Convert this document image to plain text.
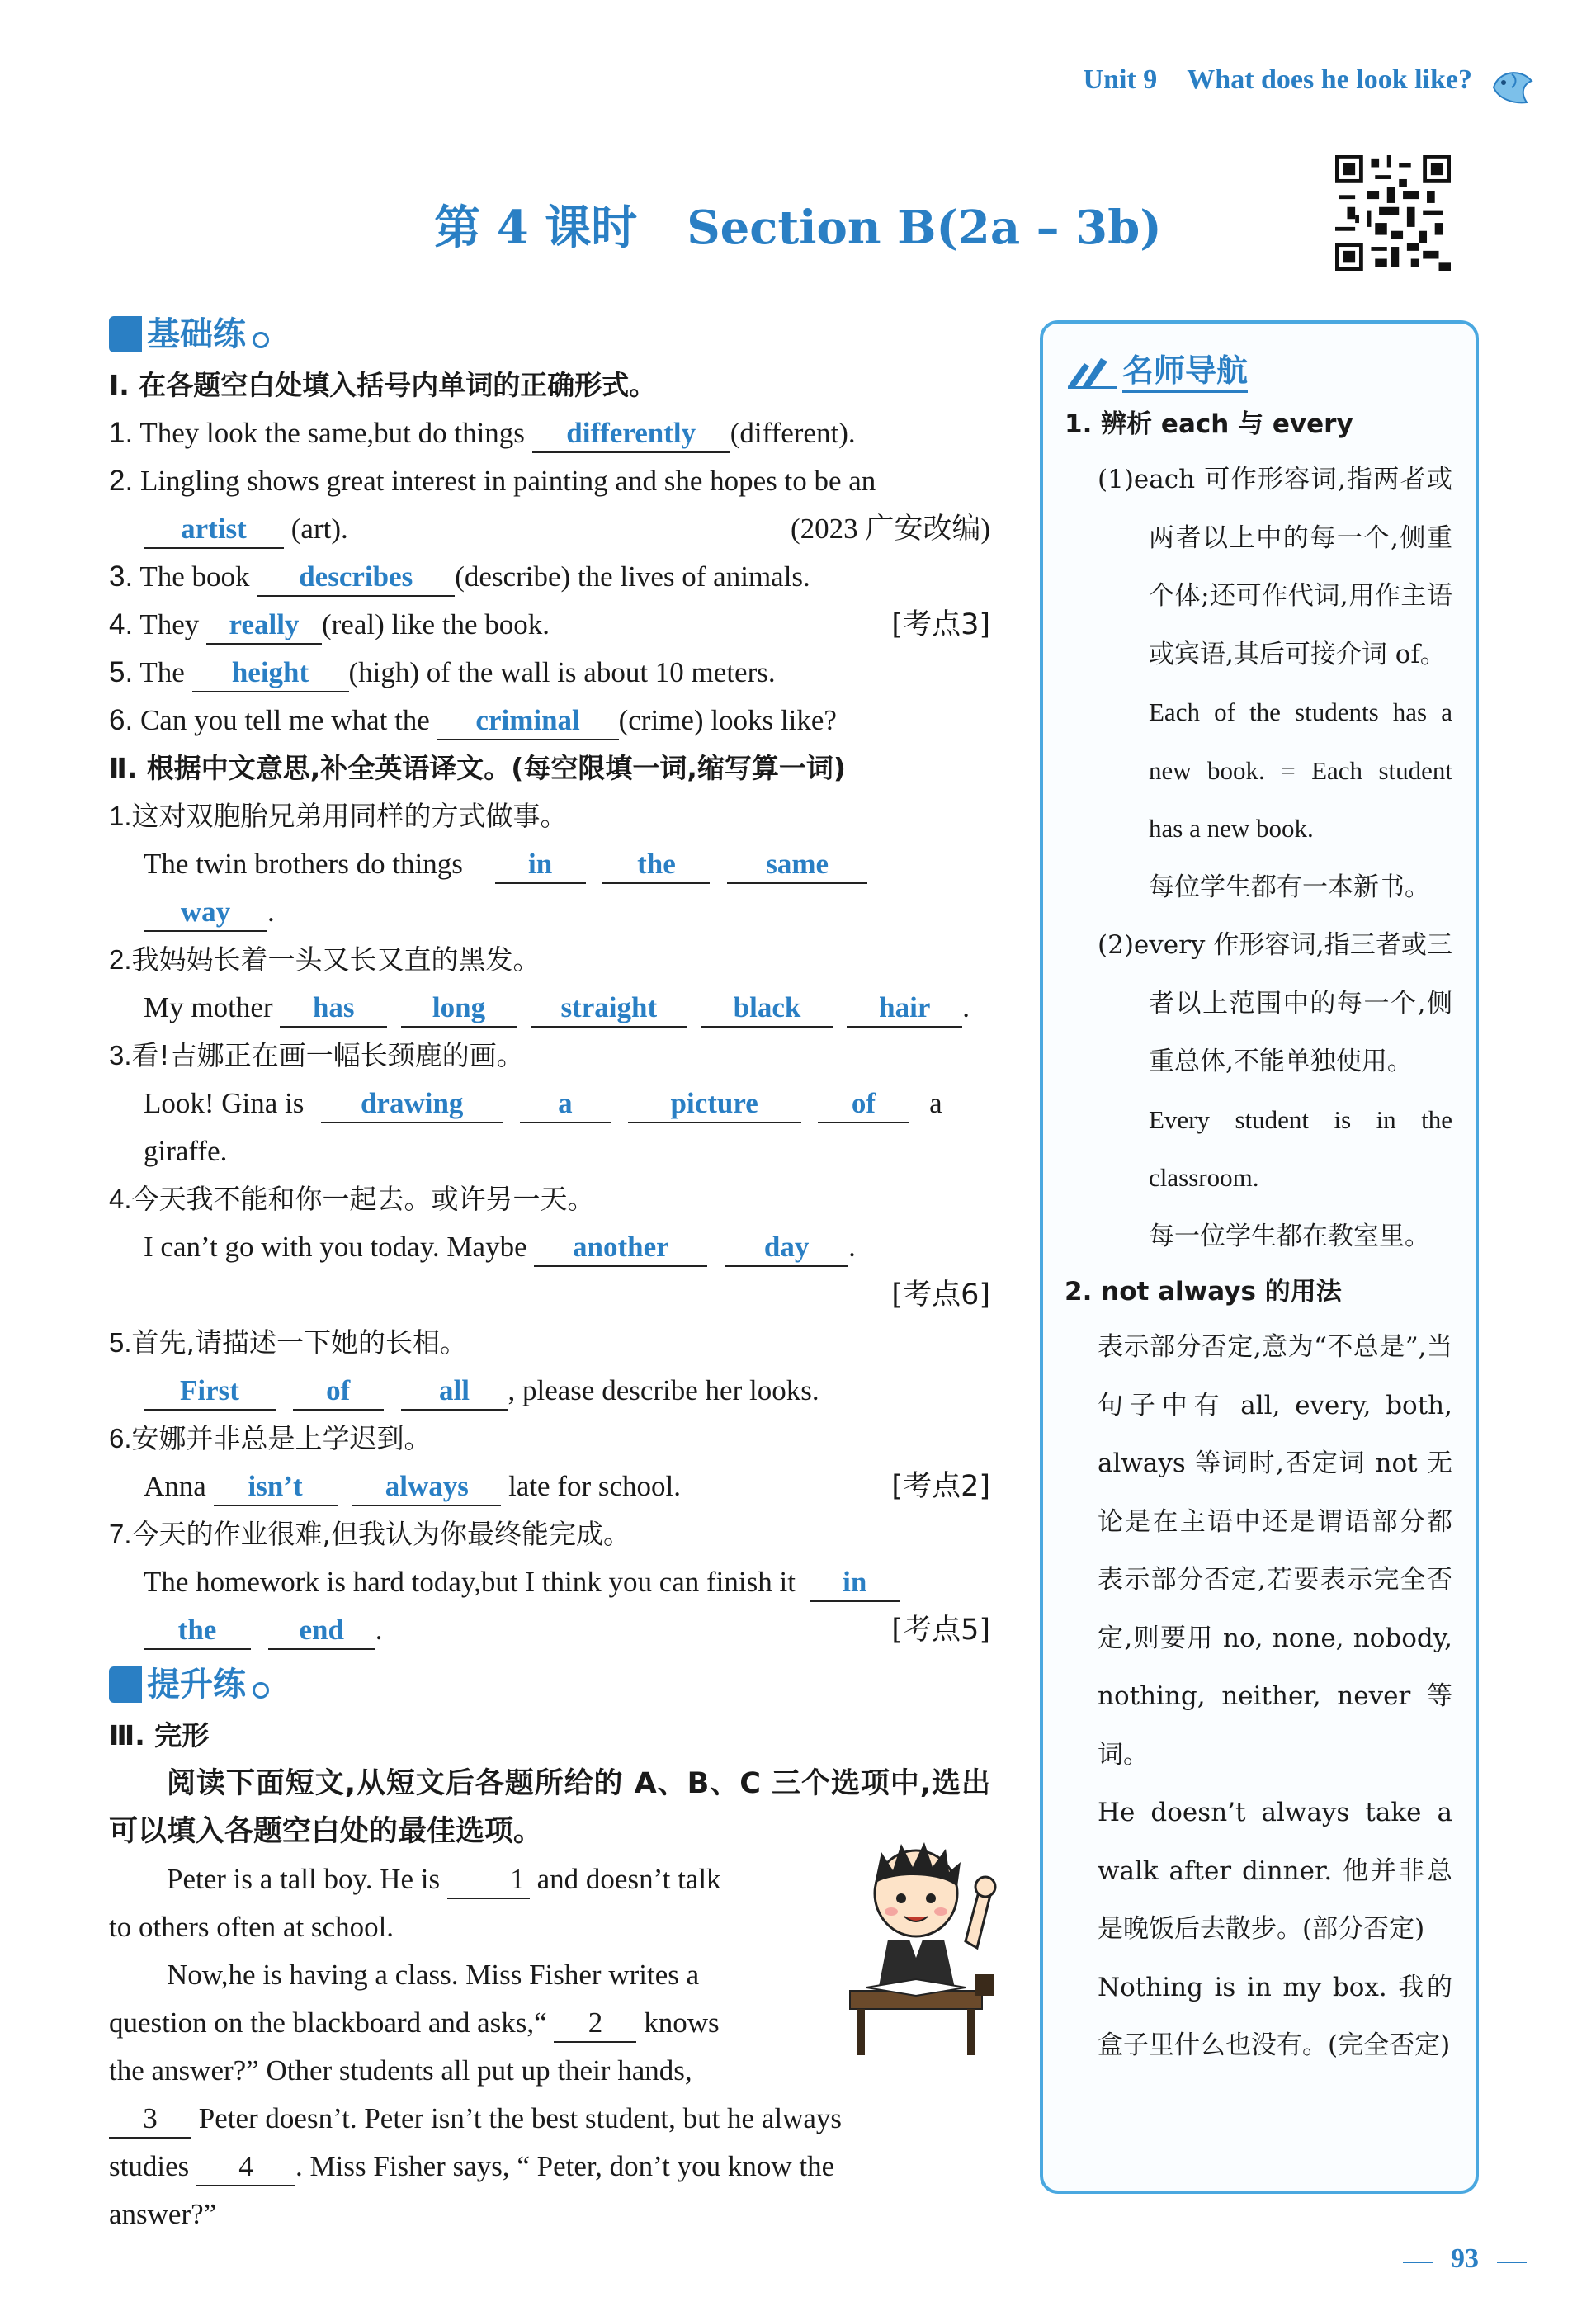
Unit 9 What does he look like?
第 4 课时 Section B(2a – 3b)
基础练
Ⅰ. 在各题空白处填入括号内单词的正确形式。
1. They look the same,but do things differently (different).
2. Lingling shows great interest in painting and she hopes to be an
artist (art).	(2023 广安改编)
3. The book describes (describe) the lives of animals.
4. They really (real) like the book.	[考点3]
5. The height (high) of the wall is about 10 meters.
6. Can you tell me what the criminal (crime) looks like?
Ⅱ. 根据中文意思,补全英语译文。(每空限填一词,缩写算一词)
1.这对双胞胎兄弟用同样的方式做事。
The twin brothers do things in	the	same
way .
2.我妈妈长着一头又长又直的黑发。
My mother has	long	straight	black	hair .
3.看!吉娜正在画一幅长颈鹿的画。
Look! Gina is drawing	a	picture	of a
giraffe.
4.今天我不能和你一起去。或许另一天。
I can’t go with you today. Maybe another	day .
[考点6]
5.首先,请描述一下她的长相。
First	of	all , please describe her looks.
6.安娜并非总是上学迟到。
Anna isn’t	always late for school.	[考点2]
7.今天的作业很难,但我认为你最终能完成。
The homework is hard today,but I think you can finish it in
the	end .	[考点5]
提升练
Ⅲ. 完形
阅读下面短文,从短文后各题所给的 A、B、C 三个选项中,选出可以填入各题空白处的最佳选项。
Peter is a tall boy. He is 1 and doesn’t talk
to others often at school.
Now,he is having a class. Miss Fisher writes a
question on the blackboard and asks,“ 2 knows
the answer?” Other students all put up their hands,
3 Peter doesn’t. Peter isn’t the best student, but he always
studies 4 . Miss Fisher says, “ Peter, don’t you know the
answer?”
名师导航
1. 辨析 each 与 every
(1)each 可作形容词,指两者或两者以上中的每一个,侧重个体;还可作代词,用作主语或宾语,其后可接介词 of。
Each of the students has a new book. = Each student has a new book.
每位学生都有一本新书。
(2)every 作形容词,指三者或三者以上范围中的每一个,侧重总体,不能单独使用。
Every student is in the classroom.
每一位学生都在教室里。
2. not always 的用法
表示部分否定,意为“不总是”,当句子中有 all, every, both, always 等词时,否定词 not 无论是在主语中还是谓语部分都表示部分否定,若要表示完全否定,则要用 no, none, nobody, nothing, neither, never 等词。
He doesn’t always take a walk after dinner. 他并非总是晚饭后去散步。(部分否定)
Nothing is in my box. 我的盒子里什么也没有。(完全否定)
93
